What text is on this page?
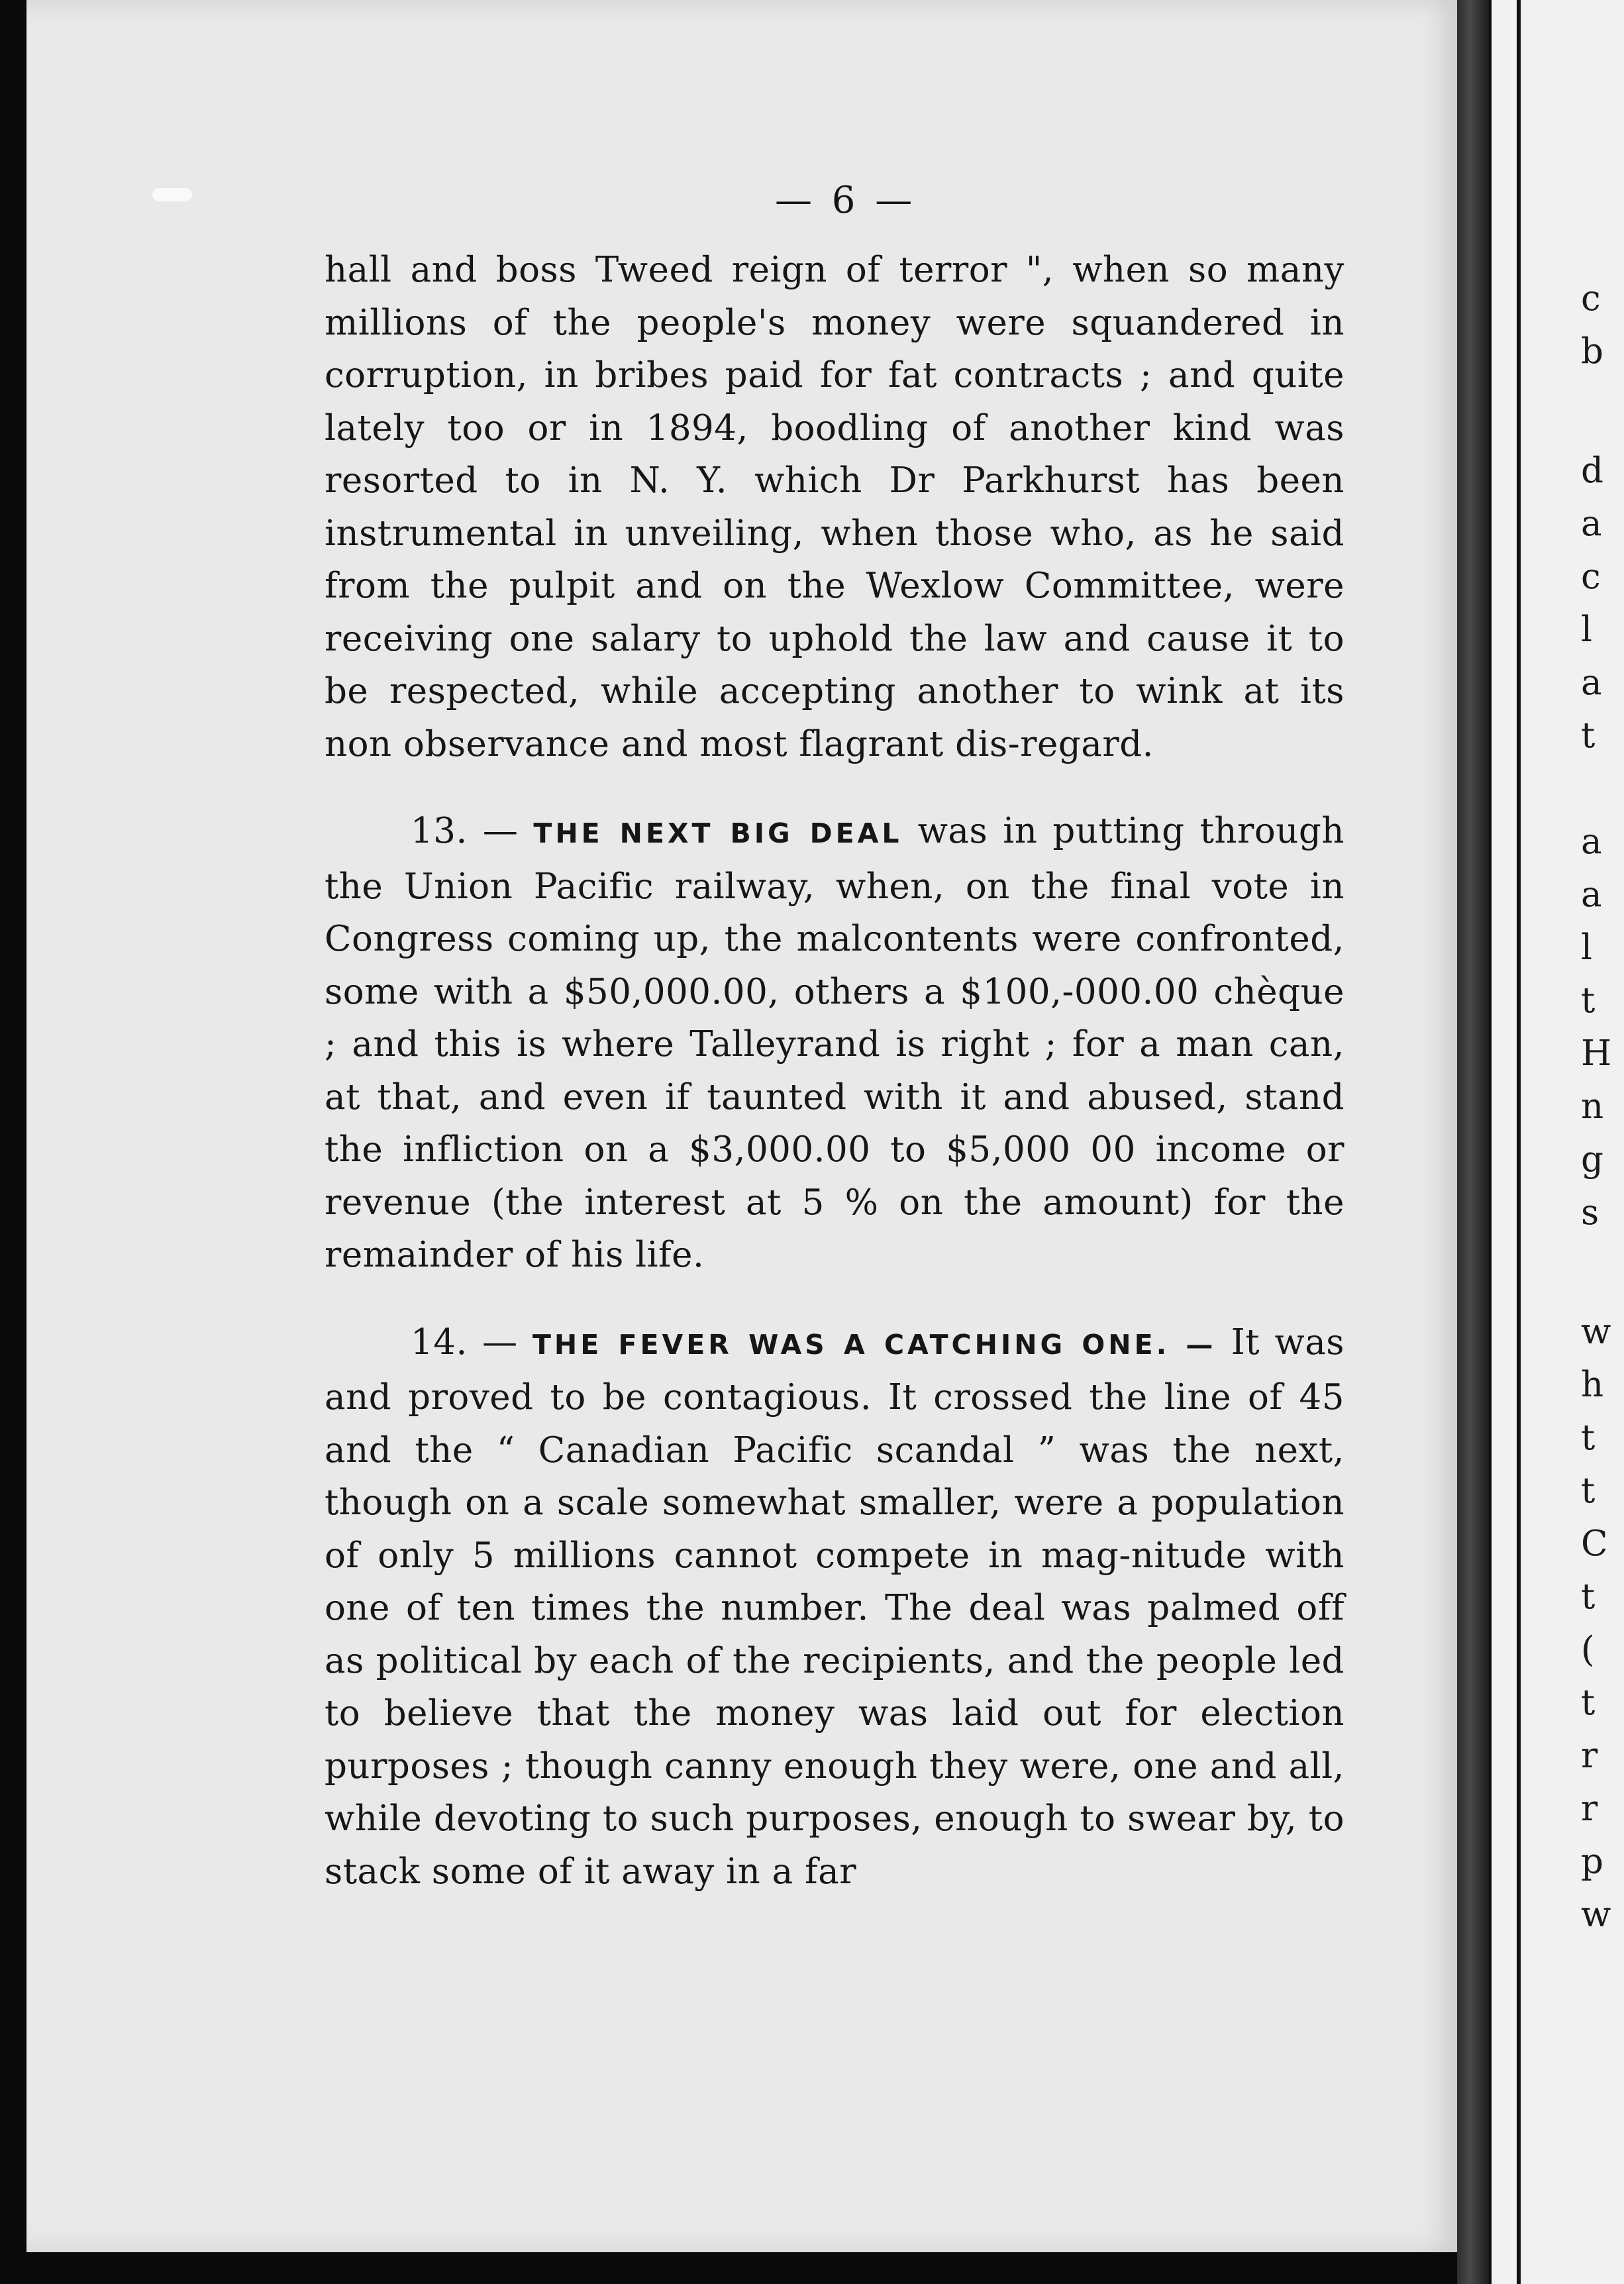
— 6 —

hall and boss Tweed reign of terror ", when so many millions of the people's money were squandered in corruption, in bribes paid for fat contracts ; and quite lately too or in 1894, boodling of another kind was resorted to in N. Y. which Dr Parkhurst has been instrumental in unveiling, when those who, as he said from the pulpit and on the Wexlow Committee, were receiving one salary to uphold the law and cause it to be respected, while accepting another to wink at its non observance and most flagrant dis-regard.

13. — THE NEXT BIG DEAL was in putting through the Union Pacific railway, when, on the final vote in Congress coming up, the malcontents were confronted, some with a $50,000.00, others a $100,-000.00 chèque ; and this is where Talleyrand is right ; for a man can, at that, and even if taunted with it and abused, stand the infliction on a $3,000.00 to $5,000 00 income or revenue (the interest at 5 % on the amount) for the remainder of his life.

14. — THE FEVER WAS A CATCHING ONE. — It was and proved to be contagious. It crossed the line of 45 and the “ Canadian Pacific scandal ” was the next, though on a scale somewhat smaller, were a population of only 5 millions cannot compete in mag-nitude with one of ten times the number. The deal was palmed off as political by each of the recipients, and the people led to believe that the money was laid out for election purposes ; though canny enough they were, one and all, while devoting to such purposes, enough to swear by, to stack some of it away in a far

c
b
d
a
c
l
a
t
a
a
l
t
H
n
g
s
w
h
t
t
C
t
(
t
r
r
p
w
